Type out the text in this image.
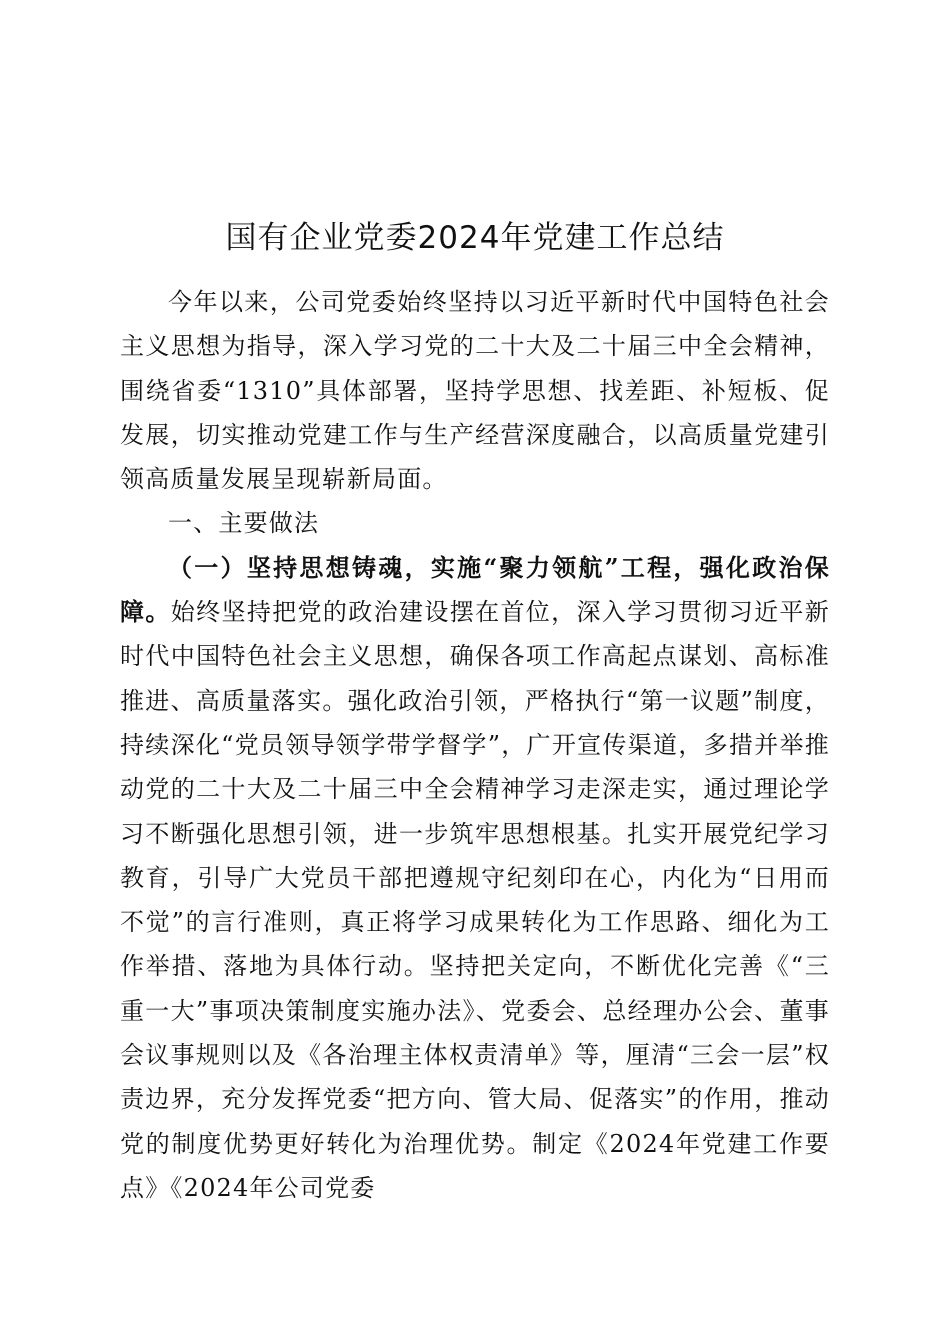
国有企业党委2024年党建工作总结

今年以来，公司党委始终坚持以习近平新时代中国特色社会主义思想为指导，深入学习党的二十大及二十届三中全会精神，围绕省委“1310”具体部署，坚持学思想、找差距、补短板、促发展，切实推动党建工作与生产经营深度融合，以高质量党建引领高质量发展呈现崭新局面。

一、主要做法

（一）坚持思想铸魂，实施“聚力领航”工程，强化政治保障。始终坚持把党的政治建设摆在首位，深入学习贯彻习近平新时代中国特色社会主义思想，确保各项工作高起点谋划、高标准推进、高质量落实。强化政治引领，严格执行“第一议题”制度，持续深化“党员领导领学带学督学”，广开宣传渠道，多措并举推动党的二十大及二十届三中全会精神学习走深走实，通过理论学习不断强化思想引领，进一步筑牢思想根基。扎实开展党纪学习教育，引导广大党员干部把遵规守纪刻印在心，内化为“日用而不觉”的言行准则，真正将学习成果转化为工作思路、细化为工作举措、落地为具体行动。坚持把关定向，不断优化完善《“三重一大”事项决策制度实施办法》、党委会、总经理办公会、董事会议事规则以及《各治理主体权责清单》等，厘清“三会一层”权责边界，充分发挥党委“把方向、管大局、促落实”的作用，推动党的制度优势更好转化为治理优势。制定《2024年党建工作要点》《2024年公司党委
